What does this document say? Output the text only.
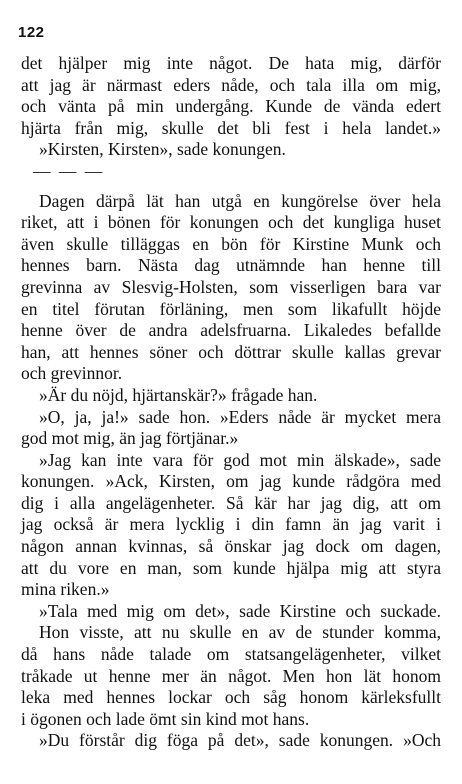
122
det hjälper mig inte något. De hata mig, därför
att jag är närmast eders nåde, och tala illa om mig,
och vänta på min undergång. Kunde de vända edert
hjärta från mig, skulle det bli fest i hela landet.»
»Kirsten, Kirsten», sade konungen.
— — —
Dagen därpå lät han utgå en kungörelse över hela
riket, att i bönen för konungen och det kungliga huset
även skulle tilläggas en bön för Kirstine Munk och
hennes barn. Nästa dag utnämnde han henne till
grevinna av Slesvig-Holsten, som visserligen bara var
en titel förutan förläning, men som likafullt höjde
henne över de andra adelsfruarna. Likaledes befallde
han, att hennes söner och döttrar skulle kallas grevar
och grevinnor.
»Är du nöjd, hjärtanskär?» frågade han.
»O, ja, ja!» sade hon. »Eders nåde är mycket mera
god mot mig, än jag förtjänar.»
»Jag kan inte vara för god mot min älskade», sade
konungen. »Ack, Kirsten, om jag kunde rådgöra med
dig i alla angelägenheter. Så kär har jag dig, att om
jag också är mera lycklig i din famn än jag varit i
någon annan kvinnas, så önskar jag dock om dagen,
att du vore en man, som kunde hjälpa mig att styra
mina riken.»
»Tala med mig om det», sade Kirstine och suckade.
Hon visste, att nu skulle en av de stunder komma,
då hans nåde talade om statsangelägenheter, vilket
tråkade ut henne mer än något. Men hon lät honom
leka med hennes lockar och såg honom kärleksfullt
i ögonen och lade ömt sin kind mot hans.
»Du förstår dig föga på det», sade konungen. »Och
